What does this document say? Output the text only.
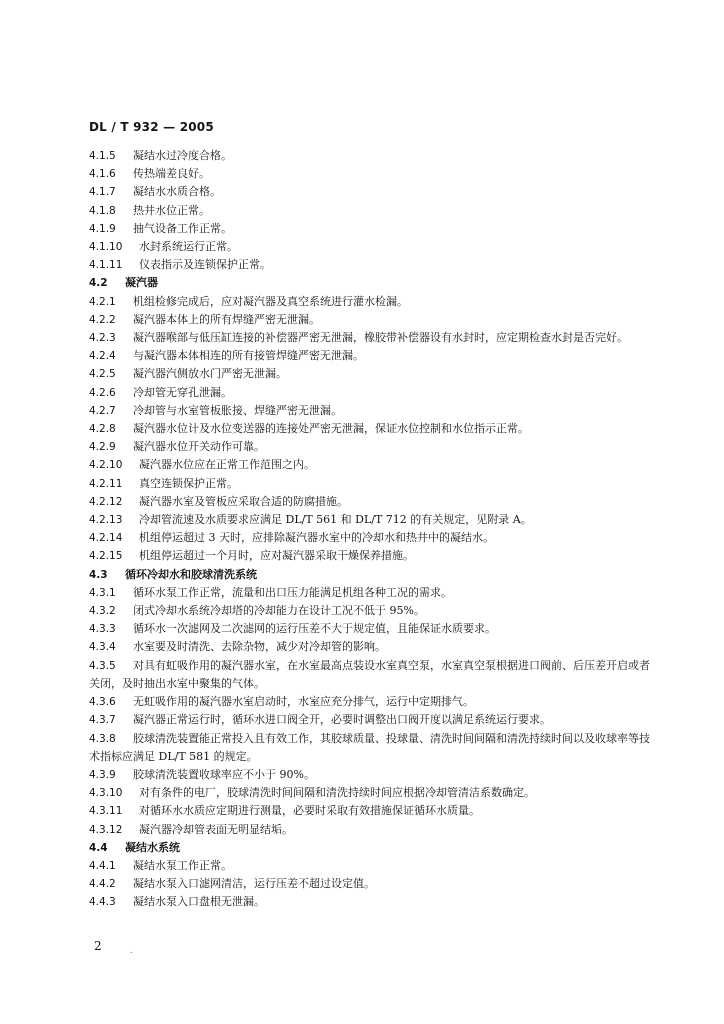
DL / T 932 — 2005
4.1.5 凝结水过冷度合格。
4.1.6 传热端差良好。
4.1.7 凝结水水质合格。
4.1.8 热井水位正常。
4.1.9 抽气设备工作正常。
4.1.10 水封系统运行正常。
4.1.11 仪表指示及连锁保护正常。
4.2 凝汽器
4.2.1 机组检修完成后，应对凝汽器及真空系统进行灌水检漏。
4.2.2 凝汽器本体上的所有焊缝严密无泄漏。
4.2.3 凝汽器喉部与低压缸连接的补偿器严密无泄漏，橡胶带补偿器设有水封时，应定期检查水封是否完好。
4.2.4 与凝汽器本体相连的所有接管焊缝严密无泄漏。
4.2.5 凝汽器汽侧放水门严密无泄漏。
4.2.6 冷却管无穿孔泄漏。
4.2.7 冷却管与水室管板胀接、焊缝严密无泄漏。
4.2.8 凝汽器水位计及水位变送器的连接处严密无泄漏，保证水位控制和水位指示正常。
4.2.9 凝汽器水位开关动作可靠。
4.2.10 凝汽器水位应在正常工作范围之内。
4.2.11 真空连锁保护正常。
4.2.12 凝汽器水室及管板应采取合适的防腐措施。
4.2.13 冷却管流速及水质要求应满足 DL/T 561 和 DL/T 712 的有关规定，见附录 A。
4.2.14 机组停运超过 3 天时，应排除凝汽器水室中的冷却水和热井中的凝结水。
4.2.15 机组停运超过一个月时，应对凝汽器采取干燥保养措施。
4.3 循环冷却水和胶球清洗系统
4.3.1 循环水泵工作正常，流量和出口压力能满足机组各种工况的需求。
4.3.2 闭式冷却水系统冷却塔的冷却能力在设计工况不低于 95%。
4.3.3 循环水一次滤网及二次滤网的运行压差不大于规定值，且能保证水质要求。
4.3.4 水室要及时清洗、去除杂物，减少对冷却管的影响。
4.3.5 对具有虹吸作用的凝汽器水室，在水室最高点装设水室真空泵，水室真空泵根据进口阀前、后压差开启或者关闭，及时抽出水室中聚集的气体。
4.3.6 无虹吸作用的凝汽器水室启动时，水室应充分排气，运行中定期排气。
4.3.7 凝汽器正常运行时，循环水进口阀全开，必要时调整出口阀开度以满足系统运行要求。
4.3.8 胶球清洗装置能正常投入且有效工作，其胶球质量、投球量、清洗时间间隔和清洗持续时间以及收球率等技术指标应满足 DL/T 581 的规定。
4.3.9 胶球清洗装置收球率应不小于 90%。
4.3.10 对有条件的电厂，胶球清洗时间间隔和清洗持续时间应根据冷却管清洁系数确定。
4.3.11 对循环水水质应定期进行测量，必要时采取有效措施保证循环水质量。
4.3.12 凝汽器冷却管表面无明显结垢。
4.4 凝结水系统
4.4.1 凝结水泵工作正常。
4.4.2 凝结水泵入口滤网清洁，运行压差不超过设定值。
4.4.3 凝结水泵入口盘根无泄漏。
2	.
